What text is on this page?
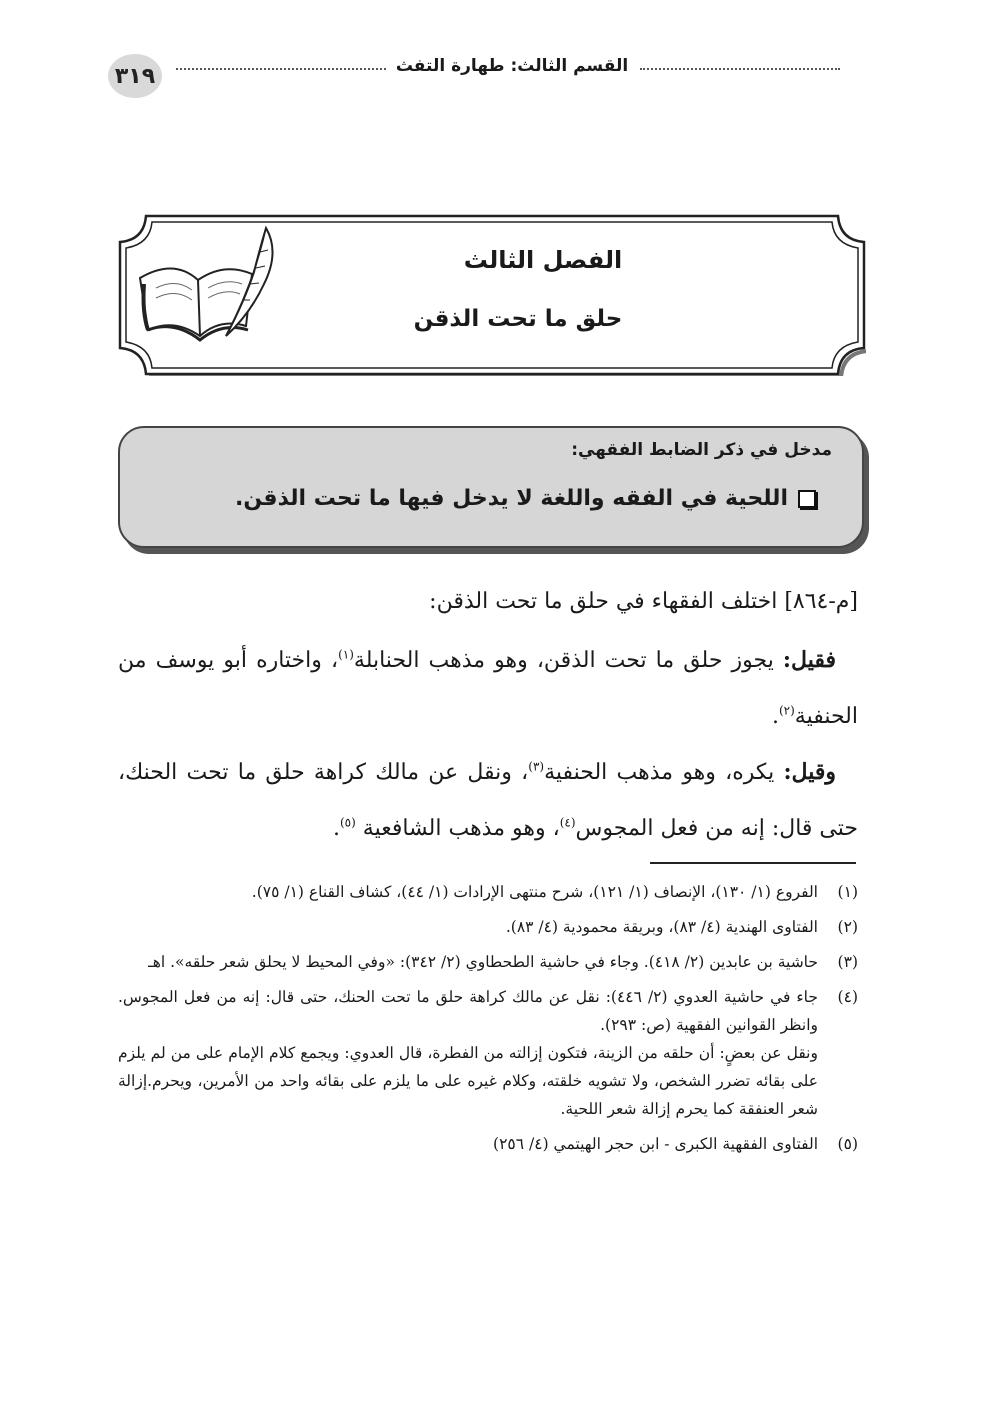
٣١٩	القسم الثالث: طهارة التفث
الفصل الثالث
حلق ما تحت الذقن
مدخل في ذكر الضابط الفقهي:
اللحية في الفقه واللغة لا يدخل فيها ما تحت الذقن.
[م-٨٦٤] اختلف الفقهاء في حلق ما تحت الذقن:
 فقيل: يجوز حلق ما تحت الذقن، وهو مذهب الحنابلة$^{(١)}$، واختاره أبو يوسف من الحنفية$^{(٢)}$.
 وقيل: يكره، وهو مذهب الحنفية$^{(٣)}$، ونقل عن مالك كراهة حلق ما تحت الحنك، حتى قال: إنه من فعل المجوس$^{(٤)}$، وهو مذهب الشافعية $^{(٥)}$.
(١)
الفروع (١/ ١٣٠)، الإنصاف (١/ ١٢١)، شرح منتهى الإرادات (١/ ٤٤)، كشاف القناع (١/ ٧٥).
(٢)
الفتاوى الهندية (٤/ ٨٣)، وبريقة محمودية (٤/ ٨٣).
(٣)
حاشية بن عابدين (٢/ ٤١٨). وجاء في حاشية الطحطاوي (٢/ ٣٤٢): «وفي المحيط لا يحلق شعر حلقه». اهـ
(٤)
جاء في حاشية العدوي (٢/ ٤٤٦): نقل عن مالك كراهة حلق ما تحت الحنك، حتى قال: إنه من فعل المجوس. وانظر القوانين الفقهية (ص: ٢٩٣).
ونقل عن بعضٍ: أن حلقه من الزينة، فتكون إزالته من الفطرة، قال العدوي: ويجمع كلام الإمام على من لم يلزم على بقائه تضرر الشخص، ولا تشويه خلقته، وكلام غيره على ما يلزم على بقائه واحد من الأمرين، ويحرم.إزالة شعر العنفقة كما يحرم إزالة شعر اللحية.
(٥)
الفتاوى الفقهية الكبرى - ابن حجر الهيتمي (٤/ ٢٥٦)
